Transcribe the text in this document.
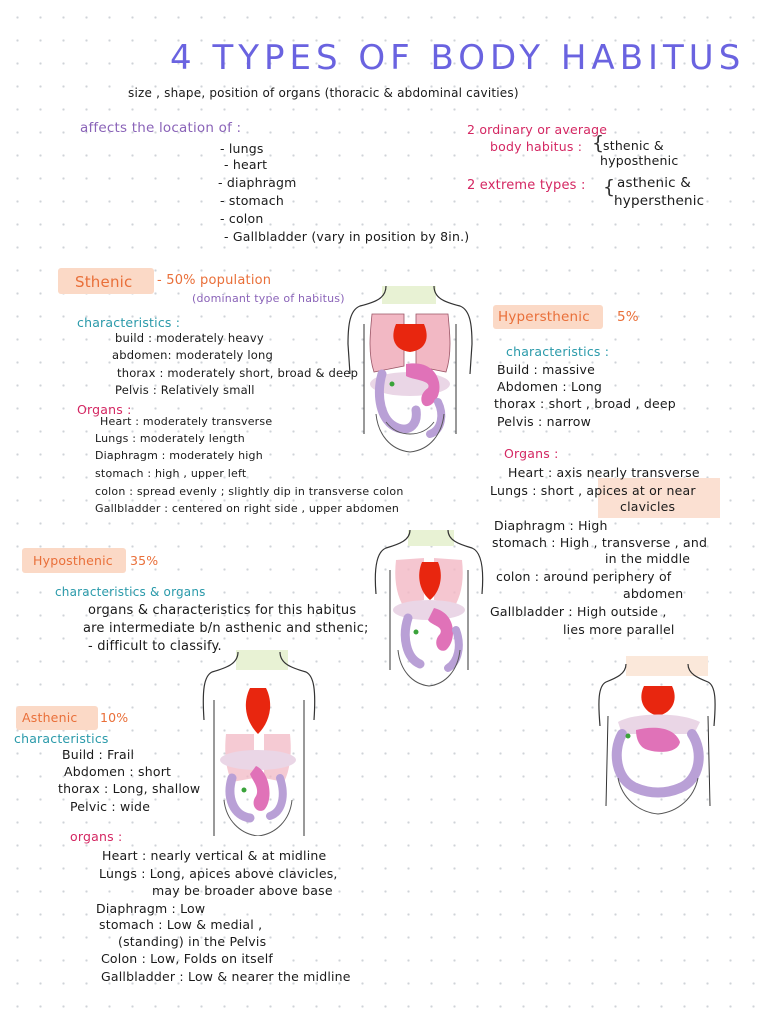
4 TYPES OF BODY HABITUS
size , shape, position of organs (thoracic & abdominal cavities)
affects the location of :
- lungs
- heart
- diaphragm
- stomach
- colon
- Gallbladder (vary in position by 8in.)
2 ordinary or average
body habitus : {
sthenic &
hyposthenic
2 extreme types : { asthenic &
hypersthenic
Sthenic - 50% population
(dominant type of habitus)
characteristics :
build : moderately heavy
abdomen: moderately long
thorax : moderately short, broad & deep
Pelvis : Relatively small
Organs :
Heart : moderately transverse
Lungs : moderately length
Diaphragm : moderately high
stomach : high , upper left
colon : spread evenly ; slightly dip in transverse colon
Gallbladder : centered on right side , upper abdomen
Hypersthenic 5%
characteristics :
Build : massive
Abdomen : Long
thorax : short , broad , deep
Pelvis : narrow
Organs :
Heart : axis nearly transverse
Lungs : short , apices at or near
clavicles
Diaphragm : High
stomach : High , transverse , and
in the middle
colon : around periphery of
abdomen
Gallbladder : High outside ,
lies more parallel
Hyposthenic 35%
characteristics & organs
organs & characteristics for this habitus
are intermediate b/n asthenic and sthenic;
- difficult to classify.
Asthenic 10%
characteristics
Build : Frail
Abdomen : short
thorax : Long, shallow
Pelvic : wide
organs :
Heart : nearly vertical & at midline
Lungs : Long, apices above clavicles,
may be broader above base
Diaphragm : Low
stomach : Low & medial ,
(standing) in the Pelvis
Colon : Low, Folds on itself
Gallbladder : Low & nearer the midline
